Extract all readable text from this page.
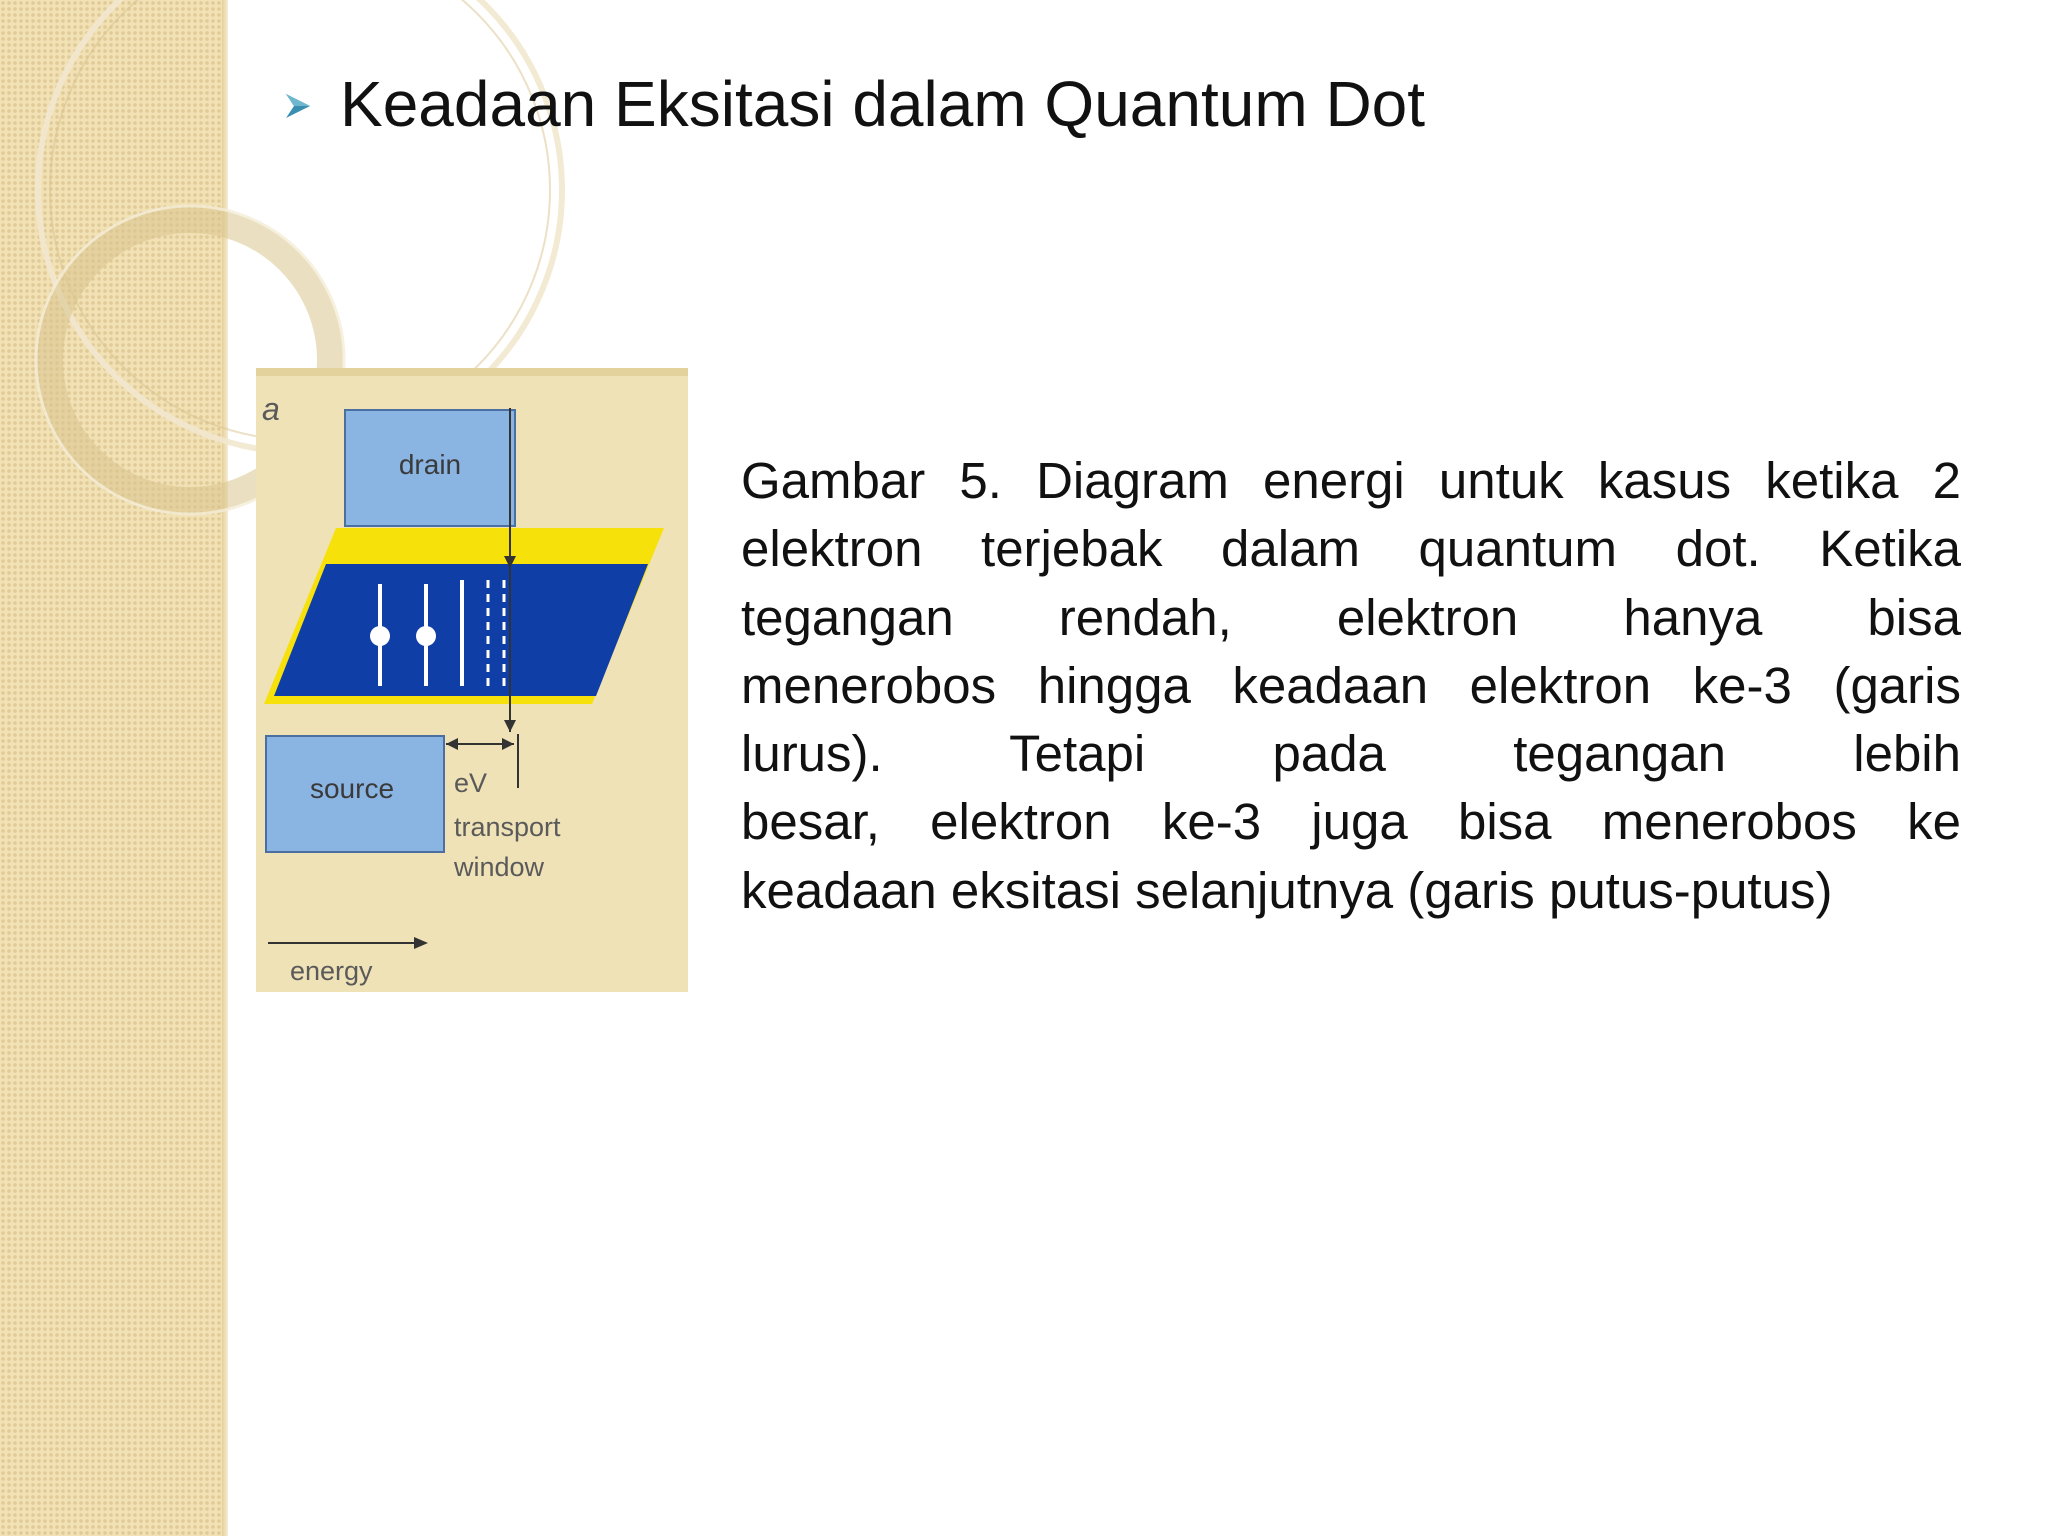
Keadaan Eksitasi dalam Quantum Dot
a
drain
source eV
transport
window
energy
Gambar 5. Diagram energi untuk kasus ketika 2
elektron terjebak dalam quantum dot. Ketika
tegangan rendah, elektron hanya bisa
menerobos hingga keadaan elektron ke-3 (garis
lurus). Tetapi pada tegangan lebih
besar, elektron ke-3 juga bisa menerobos ke
keadaan eksitasi selanjutnya (garis putus-putus)
